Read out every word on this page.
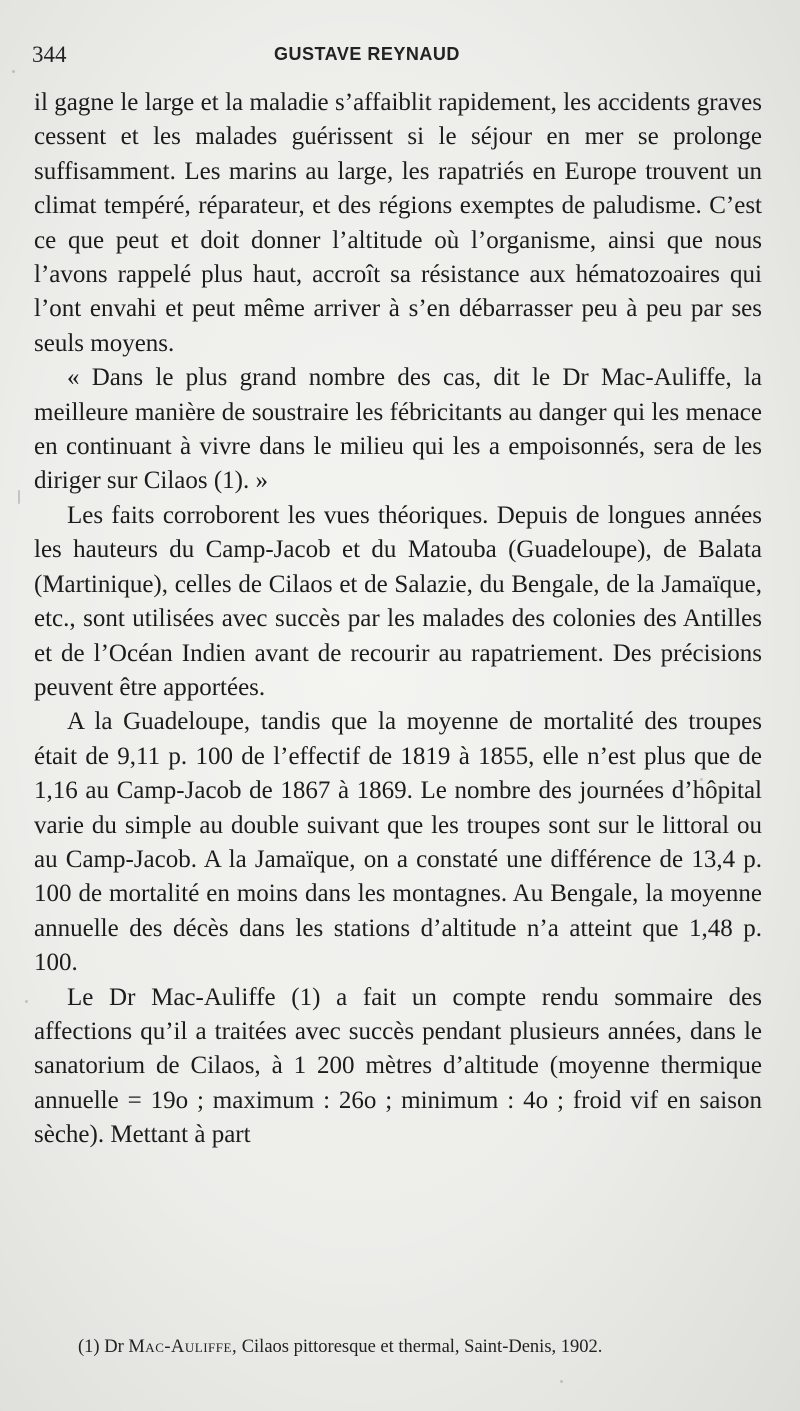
344	GUSTAVE REYNAUD

il gagne le large et la maladie s’affaiblit rapidement, les accidents graves cessent et les malades guérissent si le séjour en mer se prolonge suffisamment. Les marins au large, les rapatriés en Europe trouvent un climat tempéré, réparateur, et des régions exemptes de paludisme. C’est ce que peut et doit donner l’altitude où l’organisme, ainsi que nous l’avons rappelé plus haut, accroît sa résistance aux hématozoaires qui l’ont envahi et peut même arriver à s’en débarrasser peu à peu par ses seuls moyens.

« Dans le plus grand nombre des cas, dit le Dr Mac-Auliffe, la meilleure manière de soustraire les fébricitants au danger qui les menace en continuant à vivre dans le milieu qui les a empoisonnés, sera de les diriger sur Cilaos (1). »

Les faits corroborent les vues théoriques. Depuis de longues années les hauteurs du Camp-Jacob et du Matouba (Guadeloupe), de Balata (Martinique), celles de Cilaos et de Salazie, du Bengale, de la Jamaïque, etc., sont utilisées avec succès par les malades des colonies des Antilles et de l’Océan Indien avant de recourir au rapatriement. Des précisions peuvent être apportées.

A la Guadeloupe, tandis que la moyenne de mortalité des troupes était de 9,11 p. 100 de l’effectif de 1819 à 1855, elle n’est plus que de 1,16 au Camp-Jacob de 1867 à 1869. Le nombre des journées d’hôpital varie du simple au double suivant que les troupes sont sur le littoral ou au Camp-Jacob. A la Jamaïque, on a constaté une différence de 13,4 p. 100 de mortalité en moins dans les montagnes. Au Bengale, la moyenne annuelle des décès dans les stations d’altitude n’a atteint que 1,48 p. 100.

Le Dr Mac-Auliffe (1) a fait un compte rendu sommaire des affections qu’il a traitées avec succès pendant plusieurs années, dans le sanatorium de Cilaos, à 1 200 mètres d’altitude (moyenne thermique annuelle = 19o ; maximum : 26o ; minimum : 4o ; froid vif en saison sèche). Mettant à part

(1) Dr Mac-Auliffe, Cilaos pittoresque et thermal, Saint-Denis, 1902.
